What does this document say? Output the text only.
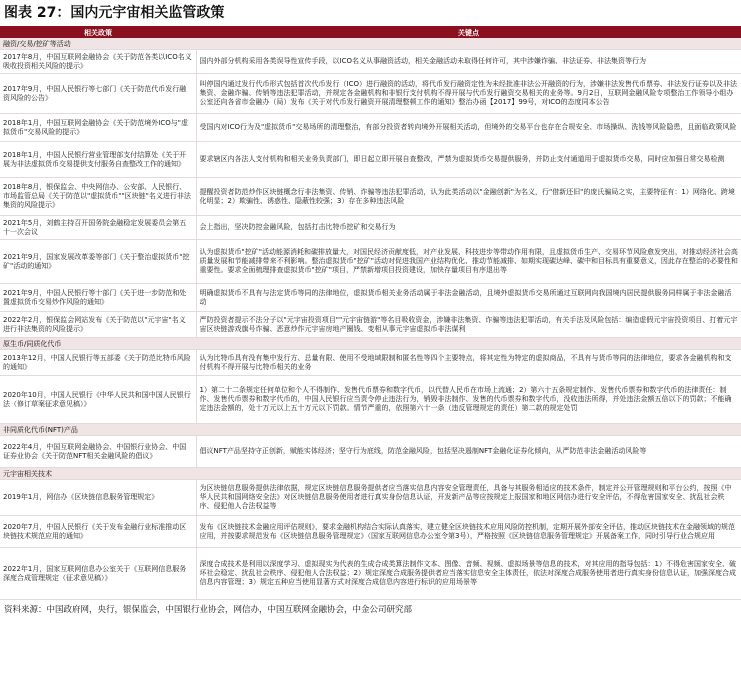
图表 27：国内元宇宙相关监管政策
相关政策	关键点
融资/交易/挖矿等活动	
2017年8月，中国互联网金融协会《关于防范各类以ICO名义吸收投资相关风险的提示》	国内外部分机构采用各类误导性宣传手段，以ICO名义从事融资活动，相关金融活动未取得任何许可，其中涉嫌诈骗、非法证券、非法集资等行为
2017年9月，中国人民银行等七部门《关于防范代币发行融资风险的公告》	叫停国内通过发行代币形式包括首次代币发行（ICO）进行融资的活动，将代币发行融资定性为未经批准非法公开融资的行为，涉嫌非法发售代币票券、非法发行证券以及非法集资、金融诈骗、传销等违法犯罪活动，并规定各金融机构和非银行支付机构不得开展与代币发行融资交易相关的业务等。9月2日，互联网金融风险专项整治工作领导小组办公室还向各省市金融办（局）发布《关于对代币发行融资开展清理整顿工作的通知》整治办函【2017】99号，对ICO的态度同本公告
2018年1月，中国互联网金融协会《关于防范境外ICO与"虚拟货币"交易风险的提示》	受国内对ICO行为及"虚拟货币"交易场所的清理整治，有部分投资者转向境外开展相关活动，但境外的交易平台也存在合规安全、市场操纵、洗钱等风险隐患，且面临政策风险
2018年1月，中国人民银行营业管理部支付结算处《关于开展为非法虚拟货币交易提供支付服务自查整改工作的通知》	要求辖区内各法人支付机构和相关业务负责部门，即日起立即开展自查整改，严禁为虚拟货币交易提供服务，并防止支付通道用于虚拟货币交易，同时应加强日常交易检测
2018年8月，银保监会、中央网信办、公安部、人民银行、市场监管总局《关于防范以"虚拟货币""区块链"名义进行非法集资的风险提示》	提醒投资者防范炒作区块链概念行非法集资、传销、诈骗等违法犯罪活动，认为此类活动以"金融创新"为名义，行"借新还旧"的庞氏骗局之实，主要特征有：1）网络化、跨境化明显；2）欺骗性、诱惑性、隐蔽性较强；3）存在多种违法风险
2021年5月，刘鹤主持召开国务院金融稳定发展委员会第五十一次会议	会上指出，坚决防控金融风险，包括打击比特币挖矿和交易行为
2021年9月，国家发展改革委等部门《关于整治虚拟货币"挖矿"活动的通知》	认为虚拟货币"挖矿"活动能源消耗和碳排放量大，对国民经济贡献度低，对产业发展、科技进步等带动作用有限，且虚拟货币生产、交易环节风险愈发突出，对推动经济社会高质量发展和节能减排带来不利影响。整治虚拟货币"挖矿"活动对促进我国产业结构优化、推动节能减排、如期实现碳达峰、碳中和目标具有重要意义，因此存在整治的必要性和重要性。要求全面梳理排查虚拟货币"挖矿"项目，严禁新增项目投资建设，加快存量项目有序退出等
2021年9月，中国人民银行等十部门《关于进一步防范和处置虚拟货币交易炒作风险的通知》	明确虚拟货币不具有与法定货币等同的法律地位，虚拟货币相关业务活动属于非法金融活动，且境外虚拟货币交易所通过互联网向我国境内居民提供服务同样属于非法金融活动
2022年2月，银保监会网站发布《关于防范以"元宇宙"名义进行非法集资的风险提示》	严防投资者提示不法分子以"元宇宙投资项目""元宇宙链游"等名目吸收资金，涉嫌非法集资、诈骗等违法犯罪活动，有关手法及风险包括：编造虚假元宇宙投资项目、打着元宇宙区块链游戏旗号诈骗、恶意炒作元宇宙房地产圈钱、变相从事元宇宙虚拟币非法谋利
原生币/同质化代币	
2013年12月，中国人民银行等五部委《关于防范比特币风险的通知》	认为比特币具有没有集中发行方、总量有限、使用不受地域限制和匿名性等四个主要特点，将其定性为特定的虚拟商品，不具有与货币等同的法律地位，要求各金融机构和支付机构不得开展与比特币相关的业务
2020年10月，中国人民银行《中华人民共和国中国人民银行法（修订草案征求意见稿）》	1）第二十二条规定任何单位和个人不得制作、发售代币票券和数字代币，以代替人民币在市场上流通；2）第六十五条规定制作、发售代币票券和数字代币的法律责任：制作、发售代币票券和数字代币的，中国人民银行应当责令停止违法行为，销毁非法制作、发售的代币票券和数字代币，没收违法所得，并处违法金额五倍以下的罚款；不能确定违法金额的，处十万元以上五十万元以下罚款。情节严重的，依照第六十一条（违反管理规定的责任）第二款的规定处罚
非同质化代币(NFT)产品	
2022年4月，中国互联网金融协会、中国银行业协会、中国证券业协会《关于防范NFT相关金融风险的倡议》	倡议NFT产品坚持守正创新，赋能实体经济；坚守行为底线，防范金融风险，包括坚决遏制NFT金融化证券化倾向，从严防范非法金融活动风险等
元宇宙相关技术	
2019年1月，网信办《区块链信息服务管理规定》	为区块链信息服务提供法律依据，规定区块链信息服务提供者应当落实信息内容安全管理责任，具备与其服务相适应的技术条件，制定并公开管理规则和平台公约，按照《中华人民共和国网络安全法》对区块链信息服务使用者进行真实身份信息认证，开发新产品等应按规定上报国家和地区网信办进行安全评估，不得危害国家安全、扰乱社会秩序、侵犯他人合法权益等
2020年7月，中国人民银行《关于发布金融行业标准推动区块链技术规范应用的通知》	发布《区块链技术金融应用评估规则》，要求金融机构结合实际认真落实，建立健全区块链技术应用风险防控机制，定期开展外部安全评估，推动区块链技术在金融领域的规范应用，并按要求规范发布《区块链信息服务管理规定》（国家互联网信息办公室令第3号），严格按照《区块链信息服务管理规定》开展备案工作，同时引导行业合规应用
2022年1月，国家互联网信息办公室关于《互联网信息服务深度合成管理规定（征求意见稿）》	深度合成技术是利用以深度学习、虚拟现实为代表的生成合成类算法制作文本、图像、音频、视频、虚拟场景等信息的技术，对其应用的指导包括：1）不得危害国家安全、破坏社会稳定、扰乱社会秩序、侵犯他人合法权益；2）规定深度合成服务提供者应当落实信息安全主体责任，依法对深度合成服务使用者进行真实身份信息认证，加强深度合成信息内容管理；3）规定五种应当使用显著方式对深度合成信息内容进行标识的应用场景等
资料来源：中国政府网，央行，银保监会，中国银行业协会，网信办，中国互联网金融协会，中金公司研究部
